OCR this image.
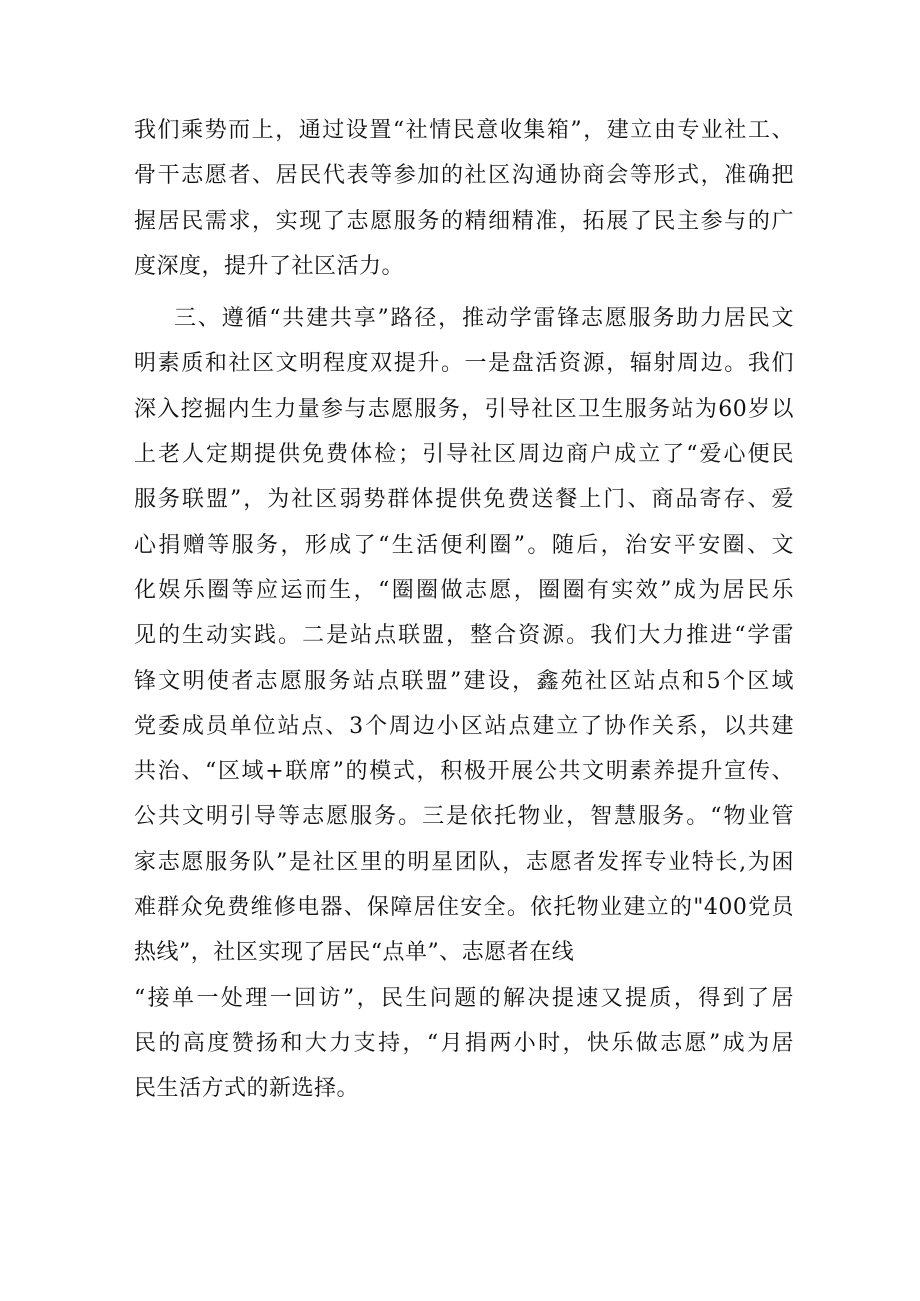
我们乘势而上，通过设置“社情民意收集箱”，建立由专业社工、
骨干志愿者、居民代表等参加的社区沟通协商会等形式，准确把
握居民需求，实现了志愿服务的精细精准，拓展了民主参与的广
度深度，提升了社区活力。
三、遵循“共建共享”路径，推动学雷锋志愿服务助力居民文
明素质和社区文明程度双提升。一是盘活资源，辐射周边。我们
深入挖掘内生力量参与志愿服务，引导社区卫生服务站为60岁以
上老人定期提供免费体检；引导社区周边商户成立了“爱心便民
服务联盟”，为社区弱势群体提供免费送餐上门、商品寄存、爱
心捐赠等服务，形成了“生活便利圈”。随后，治安平安圈、文
化娱乐圈等应运而生，“圈圈做志愿，圈圈有实效”成为居民乐
见的生动实践。二是站点联盟，整合资源。我们大力推进“学雷
锋文明使者志愿服务站点联盟”建设，鑫苑社区站点和5个区域
党委成员单位站点、3个周边小区站点建立了协作关系，以共建
共治、“区域+联席”的模式，积极开展公共文明素养提升宣传、
公共文明引导等志愿服务。三是依托物业，智慧服务。“物业管
家志愿服务队”是社区里的明星团队，志愿者发挥专业特长,为困
难群众免费维修电器、保障居住安全。依托物业建立的"400党员
热线”，社区实现了居民“点单”、志愿者在线
“接单一处理一回访”，民生问题的解决提速又提质，得到了居
民的高度赞扬和大力支持，“月捐两小时，快乐做志愿”成为居
民生活方式的新选择。
